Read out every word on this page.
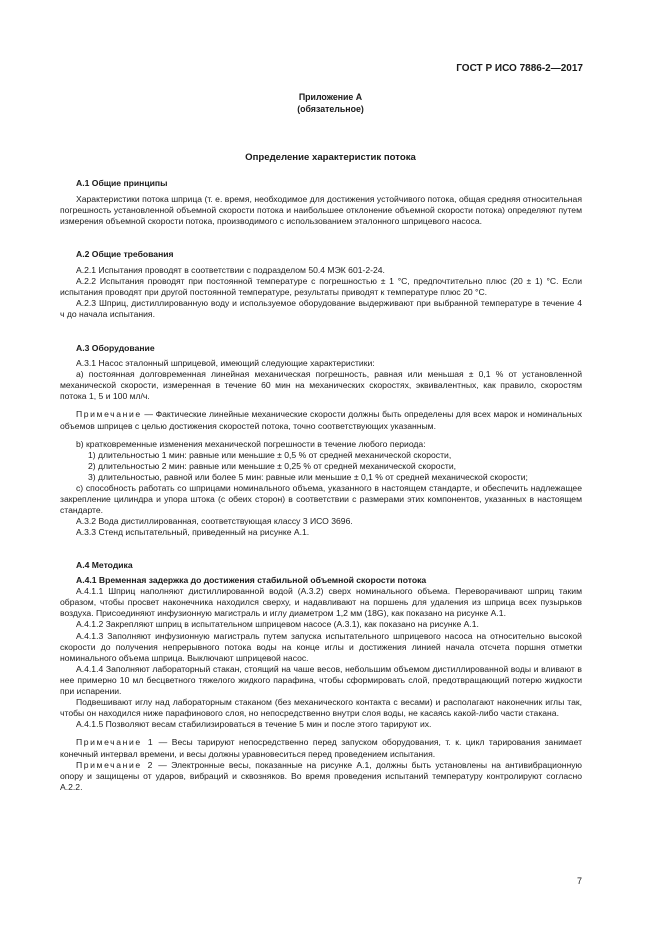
ГОСТ Р ИСО 7886-2—2017
Приложение А
(обязательное)
Определение характеристик потока

А.1 Общие принципы

Характеристики потока шприца (т. е. время, необходимое для достижения устойчивого потока, общая средняя относительная погрешность установленной объемной скорости потока и наибольшее отклонение объемной скорости потока) определяют путем измерения объемной скорости потока, производимого с использованием эталонного шприцевого насоса.

А.2 Общие требования

А.2.1 Испытания проводят в соответствии с подразделом 50.4 МЭК 601-2-24.

А.2.2 Испытания проводят при постоянной температуре с погрешностью ± 1 °C, предпочтительно плюс (20 ± 1) °C. Если испытания проводят при другой постоянной температуре, результаты приводят к температуре плюс 20 °C.

А.2.3 Шприц, дистиллированную воду и используемое оборудование выдерживают при выбранной температуре в течение 4 ч до начала испытания.

А.3 Оборудование

А.3.1 Насос эталонный шприцевой, имеющий следующие характеристики:

а) постоянная долговременная линейная механическая погрешность, равная или меньшая ± 0,1 % от установленной механической скорости, измеренная в течение 60 мин на механических скоростях, эквивалентных, как правило, скоростям потока 1, 5 и 100 мл/ч.

Примечание — Фактические линейные механические скорости должны быть определены для всех марок и номинальных объемов шприцев с целью достижения скоростей потока, точно соответствующих указанным.

b) кратковременные изменения механической погрешности в течение любого периода:

1) длительностью 1 мин: равные или меньшие ± 0,5 % от средней механической скорости,

2) длительностью 2 мин: равные или меньшие ± 0,25 % от средней механической скорости,

3) длительностью, равной или более 5 мин: равные или меньшие ± 0,1 % от средней механической скорости;

с) способность работать со шприцами номинального объема, указанного в настоящем стандарте, и обеспечить надлежащее закрепление цилиндра и упора штока (с обеих сторон) в соответствии с размерами этих компонентов, указанных в настоящем стандарте.

А.3.2 Вода дистиллированная, соответствующая классу 3 ИСО 3696.

А.3.3 Стенд испытательный, приведенный на рисунке А.1.

А.4 Методика

А.4.1 Временная задержка до достижения стабильной объемной скорости потока

А.4.1.1 Шприц наполняют дистиллированной водой (А.3.2) сверх номинального объема. Переворачивают шприц таким образом, чтобы просвет наконечника находился сверху, и надавливают на поршень для удаления из шприца всех пузырьков воздуха. Присоединяют инфузионную магистраль и иглу диаметром 1,2 мм (18G), как показано на рисунке А.1.

А.4.1.2 Закрепляют шприц в испытательном шприцевом насосе (А.3.1), как показано на рисунке А.1.

А.4.1.3 Заполняют инфузионную магистраль путем запуска испытательного шприцевого насоса на относительно высокой скорости до получения непрерывного потока воды на конце иглы и достижения линией начала отсчета поршня отметки номинального объема шприца. Выключают шприцевой насос.

А.4.1.4 Заполняют лабораторный стакан, стоящий на чаше весов, небольшим объемом дистиллированной воды и вливают в нее примерно 10 мл бесцветного тяжелого жидкого парафина, чтобы сформировать слой, предотвращающий потерю жидкости при испарении.

Подвешивают иглу над лабораторным стаканом (без механического контакта с весами) и располагают наконечник иглы так, чтобы он находился ниже парафинового слоя, но непосредственно внутри слоя воды, не касаясь какой-либо части стакана.

А.4.1.5 Позволяют весам стабилизироваться в течение 5 мин и после этого тарируют их.

Примечание 1 — Весы тарируют непосредственно перед запуском оборудования, т. к. цикл тарирования занимает конечный интервал времени, и весы должны уравновеситься перед проведением испытания.

Примечание 2 — Электронные весы, показанные на рисунке А.1, должны быть установлены на антивибрационную опору и защищены от ударов, вибраций и сквозняков. Во время проведения испытаний температуру контролируют согласно А.2.2.

7
